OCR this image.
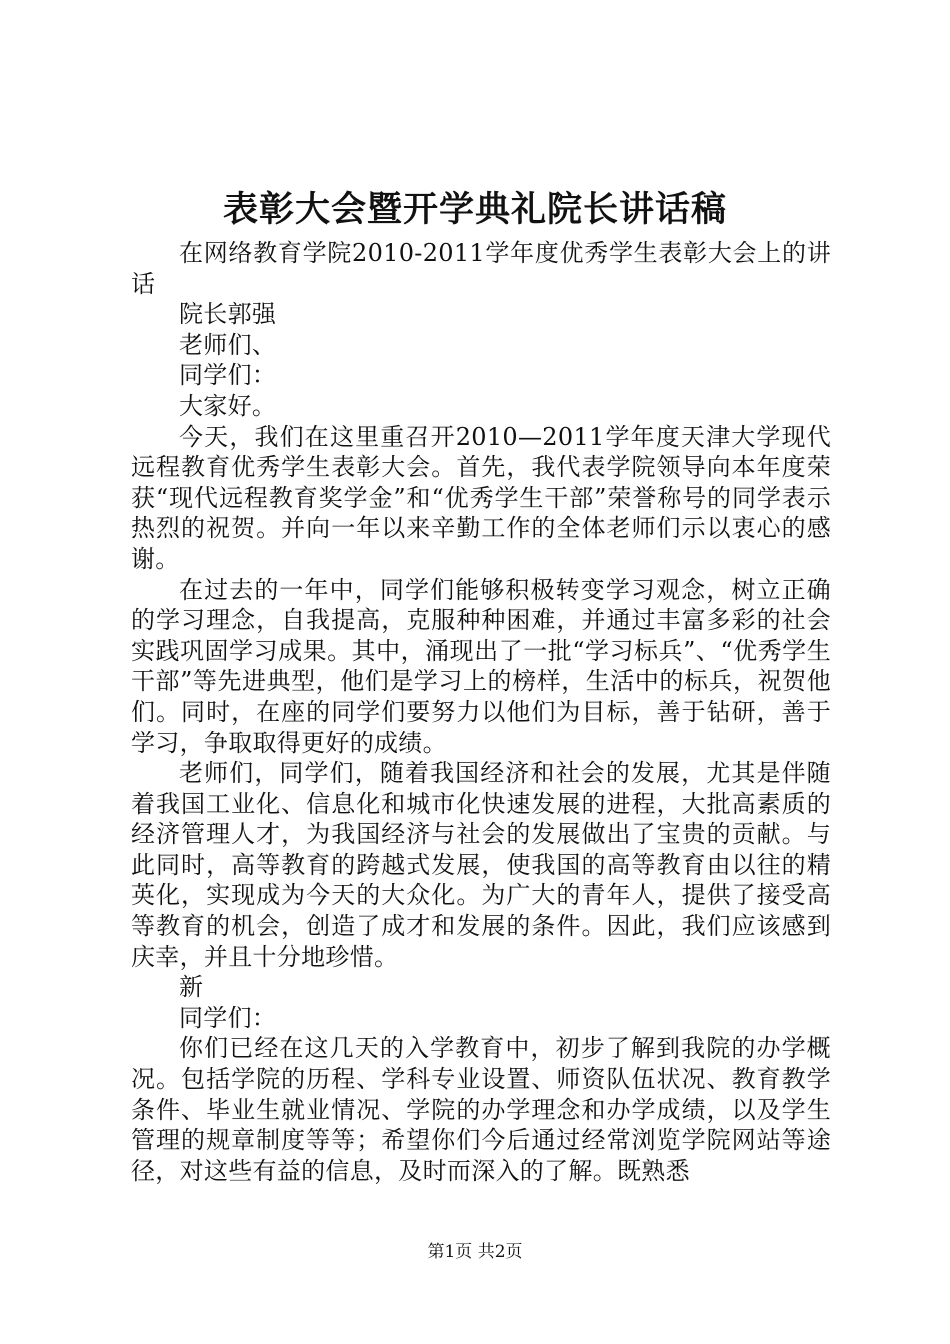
表彰大会暨开学典礼院长讲话稿

在网络教育学院2010-2011学年度优秀学生表彰大会上的讲话

院长郭强

老师们、

同学们：

大家好。

今天，我们在这里重召开2010—2011学年度天津大学现代远程教育优秀学生表彰大会。首先，我代表学院领导向本年度荣获“现代远程教育奖学金”和“优秀学生干部”荣誉称号的同学表示热烈的祝贺。并向一年以来辛勤工作的全体老师们示以衷心的感谢。

在过去的一年中，同学们能够积极转变学习观念，树立正确的学习理念，自我提高，克服种种困难，并通过丰富多彩的社会实践巩固学习成果。其中，涌现出了一批“学习标兵”、“优秀学生干部”等先进典型，他们是学习上的榜样，生活中的标兵，祝贺他们。同时，在座的同学们要努力以他们为目标，善于钻研，善于学习，争取取得更好的成绩。

老师们，同学们，随着我国经济和社会的发展，尤其是伴随着我国工业化、信息化和城市化快速发展的进程，大批高素质的经济管理人才，为我国经济与社会的发展做出了宝贵的贡献。与此同时，高等教育的跨越式发展，使我国的高等教育由以往的精英化，实现成为今天的大众化。为广大的青年人，提供了接受高等教育的机会，创造了成才和发展的条件。因此，我们应该感到庆幸，并且十分地珍惜。

新

同学们：

你们已经在这几天的入学教育中，初步了解到我院的办学概况。包括学院的历程、学科专业设置、师资队伍状况、教育教学条件、毕业生就业情况、学院的办学理念和办学成绩，以及学生管理的规章制度等等；希望你们今后通过经常浏览学院网站等途径，对这些有益的信息，及时而深入的了解。既熟悉

第1页 共2页
